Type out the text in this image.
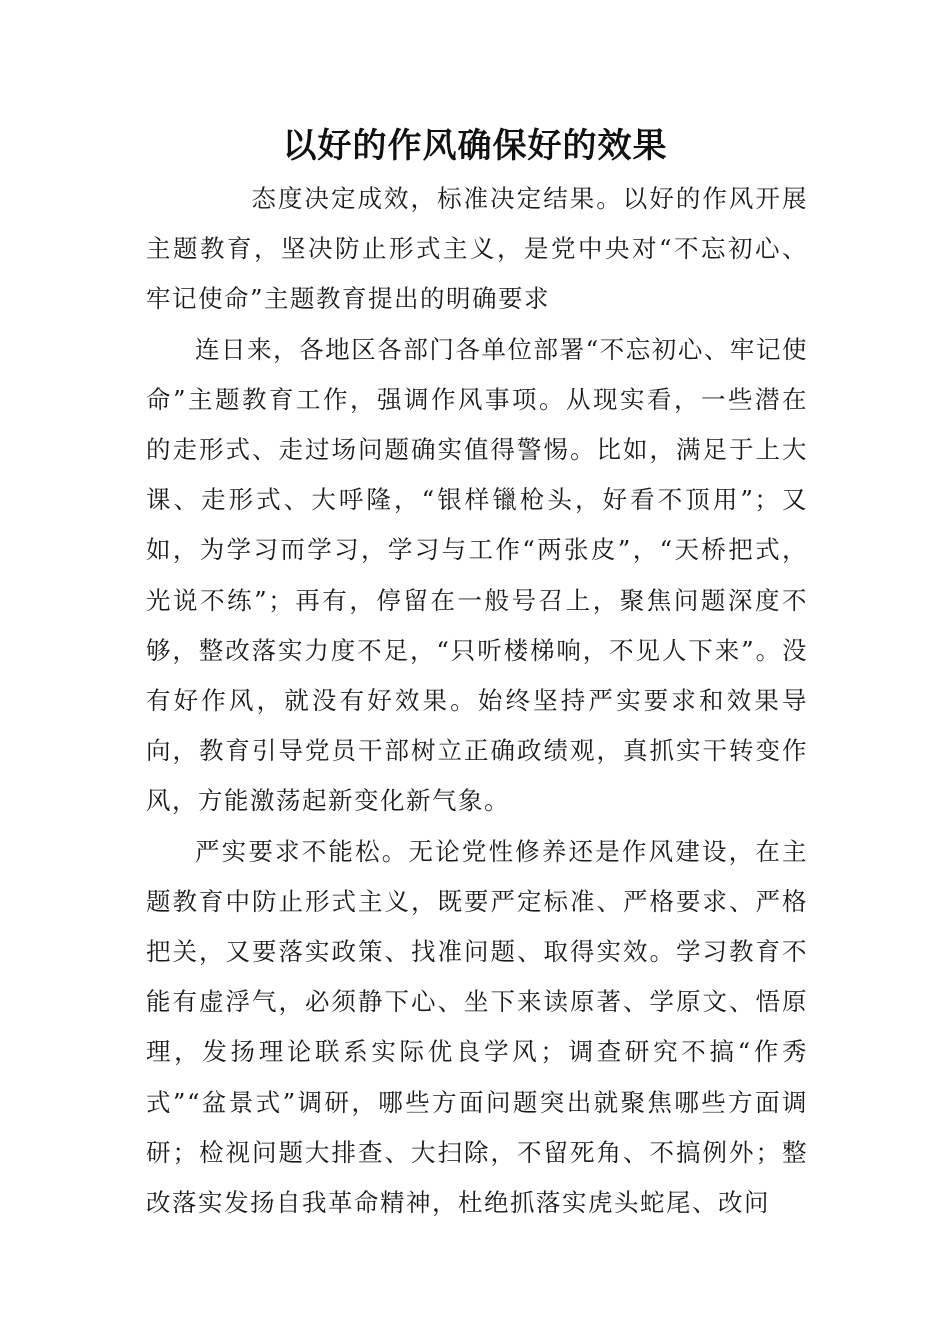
以好的作风确保好的效果

态度决定成效，标准决定结果。以好的作风开展主题教育，坚决防止形式主义，是党中央对“不忘初心、牢记使命”主题教育提出的明确要求

连日来，各地区各部门各单位部署“不忘初心、牢记使命”主题教育工作，强调作风事项。从现实看，一些潜在的走形式、走过场问题确实值得警惕。比如，满足于上大课、走形式、大呼隆，“银样镴枪头，好看不顶用”；又如，为学习而学习，学习与工作“两张皮”，“天桥把式，光说不练”；再有，停留在一般号召上，聚焦问题深度不够，整改落实力度不足，“只听楼梯响，不见人下来”。没有好作风，就没有好效果。始终坚持严实要求和效果导向，教育引导党员干部树立正确政绩观，真抓实干转变作风，方能激荡起新变化新气象。

严实要求不能松。无论党性修养还是作风建设，在主题教育中防止形式主义，既要严定标准、严格要求、严格把关，又要落实政策、找准问题、取得实效。学习教育不能有虚浮气，必须静下心、坐下来读原著、学原文、悟原理，发扬理论联系实际优良学风；调查研究不搞“作秀式”“盆景式”调研，哪些方面问题突出就聚焦哪些方面调研；检视问题大排查、大扫除，不留死角、不搞例外；整改落实发扬自我革命精神，杜绝抓落实虎头蛇尾、改问
